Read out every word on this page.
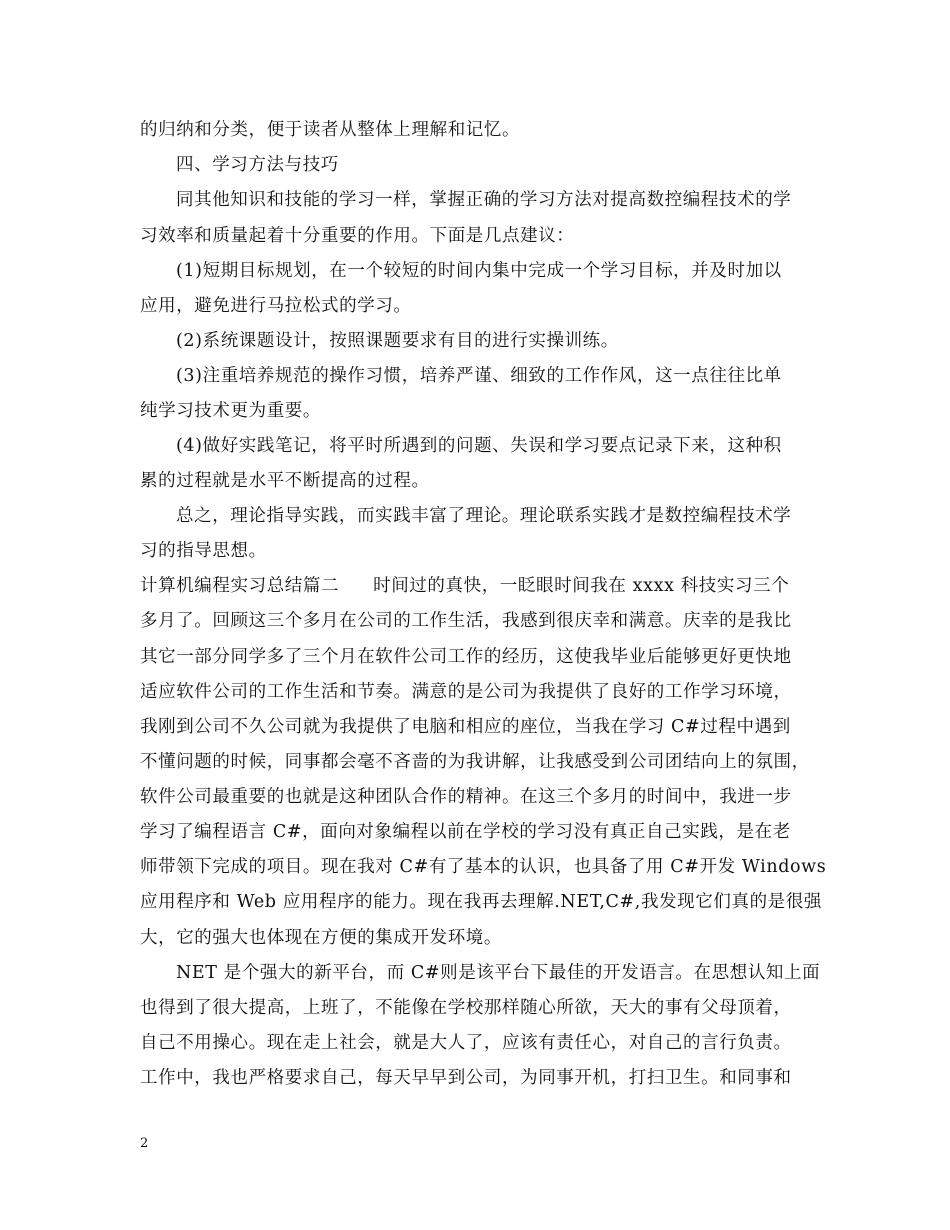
的归纳和分类，便于读者从整体上理解和记忆。
四、学习方法与技巧
同其他知识和技能的学习一样，掌握正确的学习方法对提高数控编程技术的学
习效率和质量起着十分重要的作用。下面是几点建议：
(1)短期目标规划，在一个较短的时间内集中完成一个学习目标，并及时加以
应用，避免进行马拉松式的学习。
(2)系统课题设计，按照课题要求有目的进行实操训练。
(3)注重培养规范的操作习惯，培养严谨、细致的工作作风，这一点往往比单
纯学习技术更为重要。
(4)做好实践笔记，将平时所遇到的问题、失误和学习要点记录下来，这种积
累的过程就是水平不断提高的过程。
总之，理论指导实践，而实践丰富了理论。理论联系实践才是数控编程技术学
习的指导思想。
计算机编程实习总结篇二 时间过的真快，一眨眼时间我在 xxxx 科技实习三个
多月了。回顾这三个多月在公司的工作生活，我感到很庆幸和满意。庆幸的是我比
其它一部分同学多了三个月在软件公司工作的经历，这使我毕业后能够更好更快地
适应软件公司的工作生活和节奏。满意的是公司为我提供了良好的工作学习环境，
我刚到公司不久公司就为我提供了电脑和相应的座位，当我在学习 C#过程中遇到
不懂问题的时候，同事都会毫不吝啬的为我讲解，让我感受到公司团结向上的氛围，
软件公司最重要的也就是这种团队合作的精神。在这三个多月的时间中，我进一步
学习了编程语言 C#，面向对象编程以前在学校的学习没有真正自己实践，是在老
师带领下完成的项目。现在我对 C#有了基本的认识，也具备了用 C#开发 Windows
应用程序和 Web 应用程序的能力。现在我再去理解.NET,C#,我发现它们真的是很强
大，它的强大也体现在方便的集成开发环境。
NET 是个强大的新平台，而 C#则是该平台下最佳的开发语言。在思想认知上面
也得到了很大提高，上班了，不能像在学校那样随心所欲，天大的事有父母顶着，
自己不用操心。现在走上社会，就是大人了，应该有责任心，对自己的言行负责。
工作中，我也严格要求自己，每天早早到公司，为同事开机，打扫卫生。和同事和
2
